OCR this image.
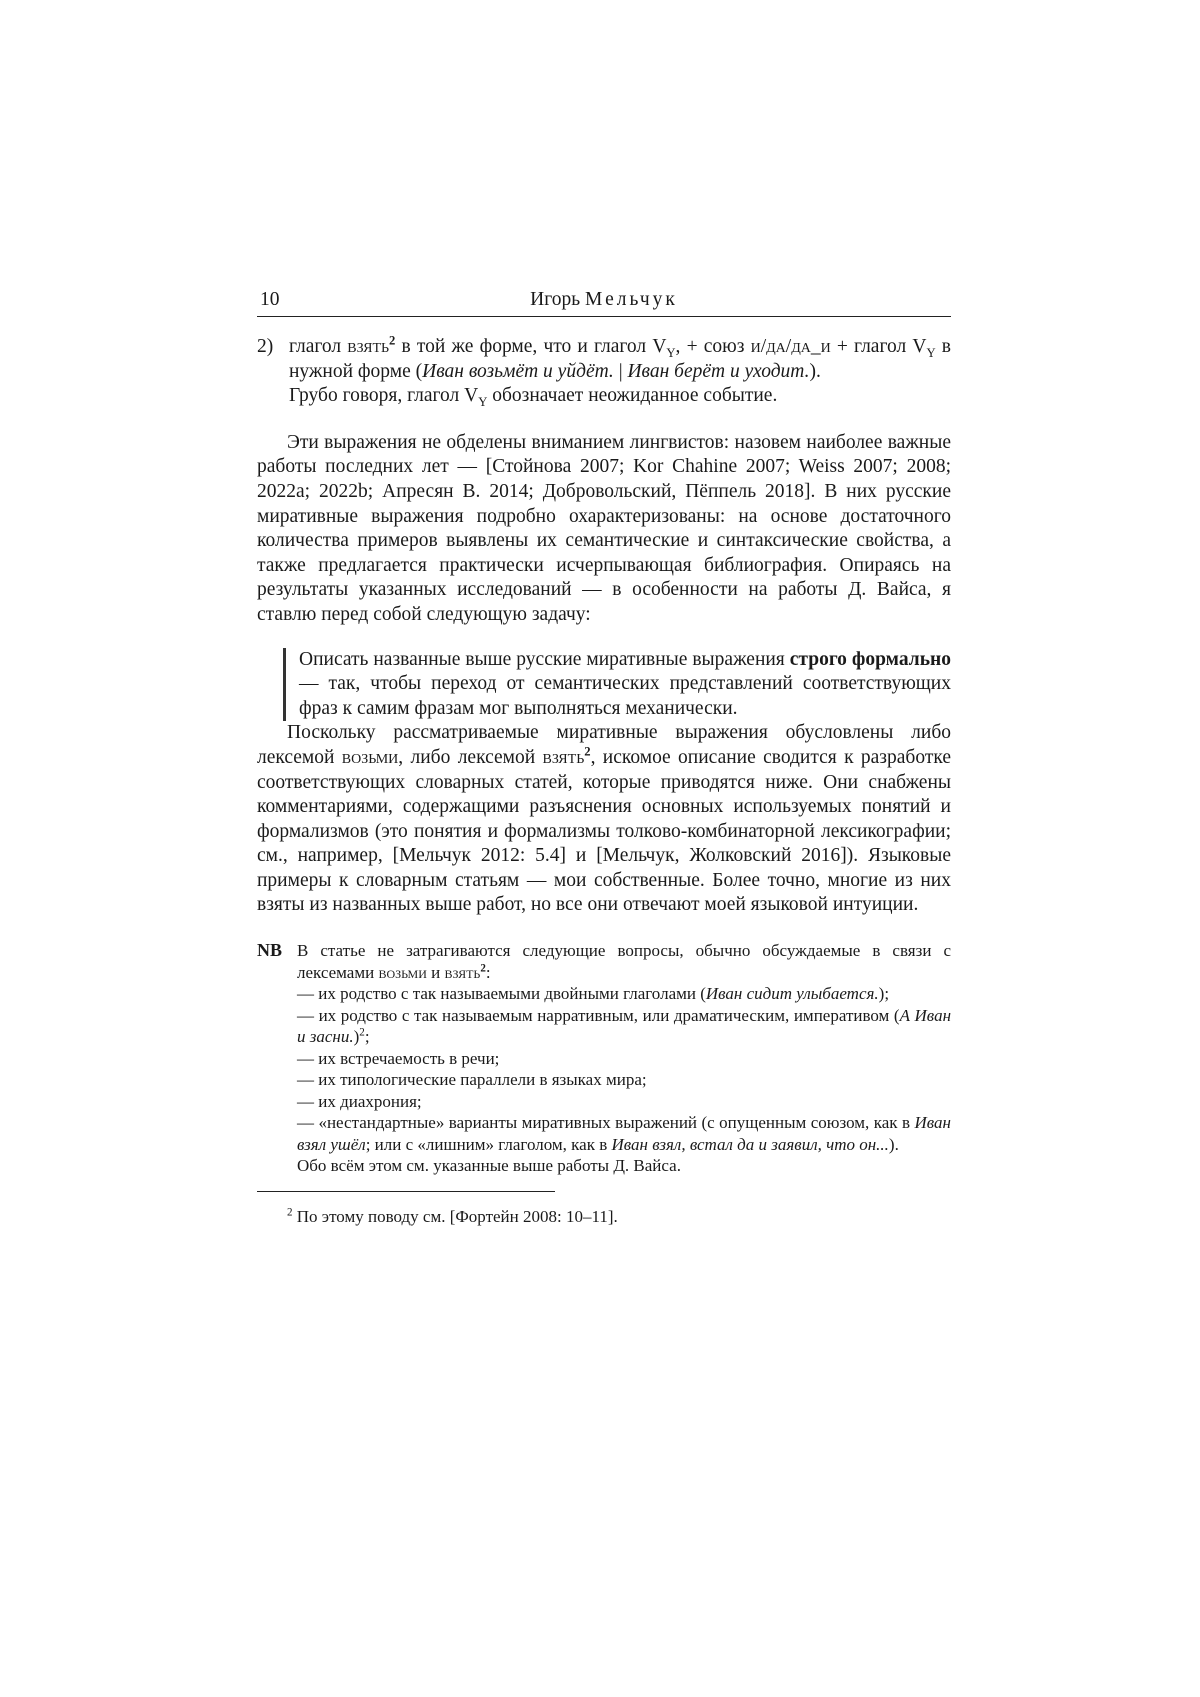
10	Игорь Мельчук
2) глагол взять$^2$ в той же форме, что и глагол $V_Y$, + союз и/да/да_и + глагол $V_Y$ в нужной форме (Иван возьмёт и уйдёт. | Иван берёт и уходит.).

Грубо говоря, глагол $V_Y$ обозначает неожиданное событие.

Эти выражения не обделены вниманием лингвистов: назовем наиболее важные работы последних лет — [Стойнова 2007; Kor Chahine 2007; Weiss 2007; 2008; 2022a; 2022b; Апресян В. 2014; Добровольский, Пёппель 2018]. В них русские миративные выражения подробно охарактеризованы: на основе достаточного количества примеров выявлены их семантические и синтаксические свойства, а также предлагается практически исчерпывающая библиография. Опираясь на результаты указанных исследований — в особенности на работы Д. Вайса, я ставлю перед собой следующую задачу:

Описать названные выше русские миративные выражения строго формально — так, чтобы переход от семантических представлений соответствующих фраз к самим фразам мог выполняться механически.

Поскольку рассматриваемые миративные выражения обусловлены либо лексемой возьми, либо лексемой взять$^2$, искомое описание сводится к разработке соответствующих словарных статей, которые приводятся ниже. Они снабжены комментариями, содержащими разъяснения основных используемых понятий и формализмов (это понятия и формализмы толково-комбинаторной лексикографии; см., например, [Мельчук 2012: 5.4] и [Мельчук, Жолковский 2016]). Языковые примеры к словарным статьям — мои собственные. Более точно, многие из них взяты из названных выше работ, но все они отвечают моей языковой интуиции.

NB В статье не затрагиваются следующие вопросы, обычно обсуждаемые в связи с лексемами возьми и взять$^2$:
— их родство с так называемыми двойными глаголами (Иван сидит улыбается.);
— их родство с так называемым нарративным, или драматическим, императивом (А Иван и засни.)$^2$;
— их встречаемость в речи;
— их типологические параллели в языках мира;
— их диахрония;
— «нестандартные» варианты миративных выражений (с опущенным союзом, как в Иван взял ушёл; или с «лишним» глаголом, как в Иван взял, встал да и заявил, что он...).
Обо всём этом см. указанные выше работы Д. Вайса.
$^2$ По этому поводу см. [Фортейн 2008: 10–11].
